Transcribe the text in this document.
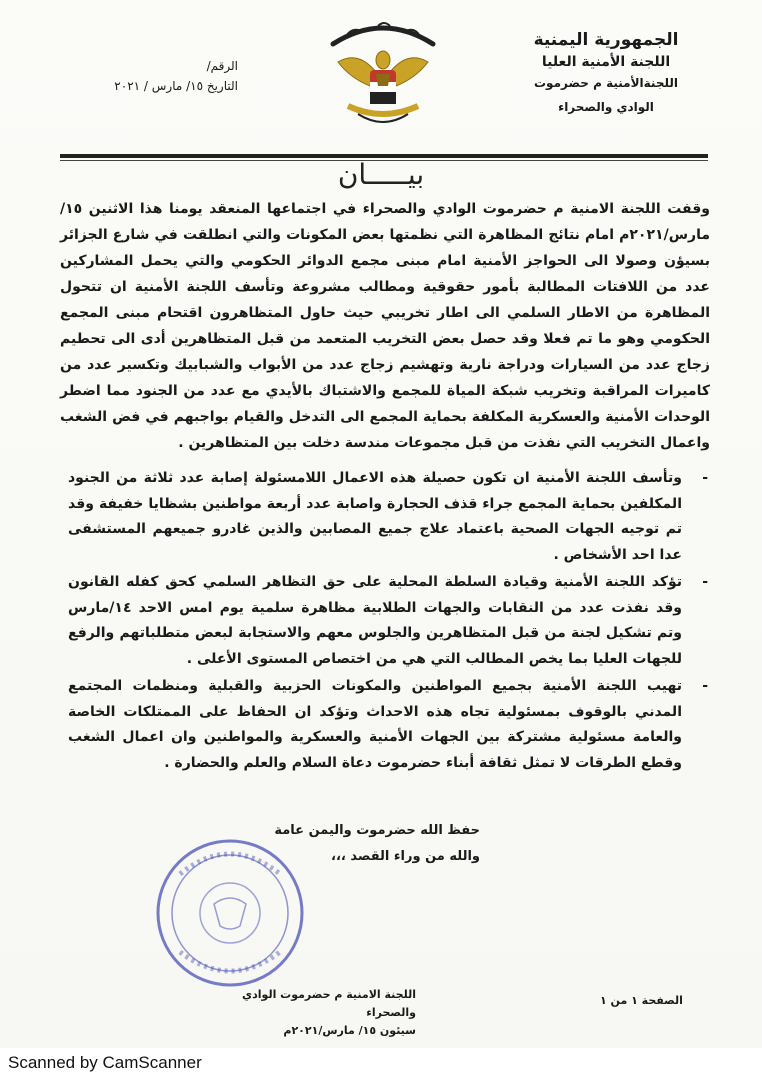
الجمهورية اليمنية
اللجنة الأمنية العليا
اللجنةالأمنية م حضرموت
الوادي والصحراء
الرقم/
التاريخ ١٥/ مارس / ٢٠٢١
بيـــــان

وقفت اللجنة الامنية م حضرموت الوادي والصحراء في اجتماعها المنعقد يومنا هذا الاثنين ١٥/مارس/٢٠٢١م امام نتائج المظاهرة التي نظمتها بعض المكونات والتي انطلقت في شارع الجزائر بسيؤن وصولا الى الحواجز الأمنية امام مبنى مجمع الدوائر الحكومي والتي يحمل المشاركين عدد من اللافتات المطالبة بأمور حقوقية ومطالب مشروعة وتأسف اللجنة الأمنية ان تتحول المظاهرة من الاطار السلمي الى اطار تخريبي حيث حاول المتظاهرون اقتحام مبنى المجمع الحكومي وهو ما تم فعلا وقد حصل بعض التخريب المتعمد من قبل المتظاهرين أدى الى تحطيم زجاج عدد من السيارات ودراجة نارية وتهشيم زجاج عدد من الأبواب والشبابيك وتكسير عدد من كاميرات المراقبة وتخريب شبكة المياة للمجمع والاشتباك بالأيدي مع عدد من الجنود مما اضطر الوحدات الأمنية والعسكرية المكلفة بحماية المجمع الى التدخل والقيام بواجبهم في فض الشغب واعمال التخريب التي نفذت من قبل مجموعات مندسة دخلت بين المتظاهرين .

-
وتأسف اللجنة الأمنية ان تكون حصيلة هذه الاعمال اللامسئولة إصابة عدد ثلاثة من الجنود المكلفين بحماية المجمع جراء قذف الحجارة واصابة عدد أربعة مواطنين بشظايا خفيفة وقد تم توجيه الجهات الصحية باعتماد علاج جميع المصابين والذين غادرو جميعهم المستشفى عدا احد الأشخاص .
-
تؤكد اللجنة الأمنية وقيادة السلطة المحلية على حق التظاهر السلمي كحق كفله القانون وقد نفذت عدد من النقابات والجهات الطلابية مظاهرة سلمية يوم امس الاحد ١٤/مارس وتم تشكيل لجنة من قبل المتظاهرين والجلوس معهم والاستجابة لبعض متطلباتهم والرفع للجهات العليا بما يخص المطالب التي هي من اختصاص المستوى الأعلى .
-
تهيب اللجنة الأمنية بجميع المواطنين والمكونات الحزبية والقبلية ومنظمات المجتمع المدني بالوقوف بمسئولية تجاه هذه الاحداث وتؤكد ان الحفاظ على الممتلكات الخاصة والعامة مسئولية مشتركة بين الجهات الأمنية والعسكرية والمواطنين وان اعمال الشغب وقطع الطرقات لا تمثل ثقافة أبناء حضرموت دعاة السلام والعلم والحضارة .
حفظ الله حضرموت واليمن عامة
والله من وراء القصد ،،،
اللجنة الامنية م حضرموت الوادي والصحراء
سيئون ١٥/ مارس/٢٠٢١م
الصفحة ١ من ١
Scanned by CamScanner
